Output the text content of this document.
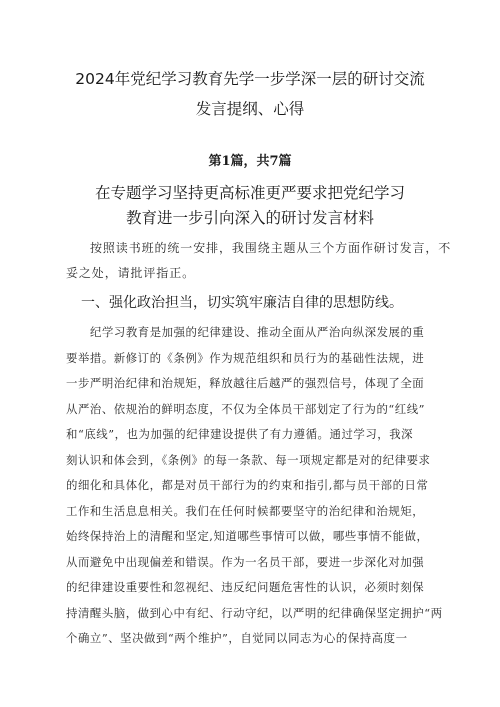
2024年党纪学习教育先学一步学深一层的研讨交流
发言提纲、心得
第1篇，共7篇
在专题学习坚持更高标准更严要求把党纪学习
教育进一步引向深入的研讨发言材料
按照读书班的统一安排，我围绕主题从三个方面作研讨发言，不
妥之处，请批评指正。
一、强化政治担当，切实筑牢廉洁自律的思想防线。
纪学习教育是加强的纪律建设、推动全面从严治向纵深发展的重
要举措。新修订的《条例》作为规范组织和员行为的基础性法规，进
一步严明治纪律和治规矩，释放越往后越严的强烈信号，体现了全面
从严治、依规治的鲜明态度，不仅为全体员干部划定了行为的“红线”
和“底线”，也为加强的纪律建设提供了有力遵循。通过学习，我深
刻认识和体会到，《条例》的每一条款、每一项规定都是对的纪律要求
的细化和具体化，都是对员干部行为的约束和指引,都与员干部的日常
工作和生活息息相关。我们在任何时候都要坚守的治纪律和治规矩，
始终保持治上的清醒和坚定,知道哪些事情可以做，哪些事情不能做，
从而避免中出现偏差和错误。作为一名员干部，要进一步深化对加强
的纪律建设重要性和忽视纪、违反纪问题危害性的认识，必须时刻保
持清醒头脑，做到心中有纪、行动守纪，以严明的纪律确保坚定拥护“两
个确立”、坚决做到“两个维护”，自觉同以同志为心的保持高度一
